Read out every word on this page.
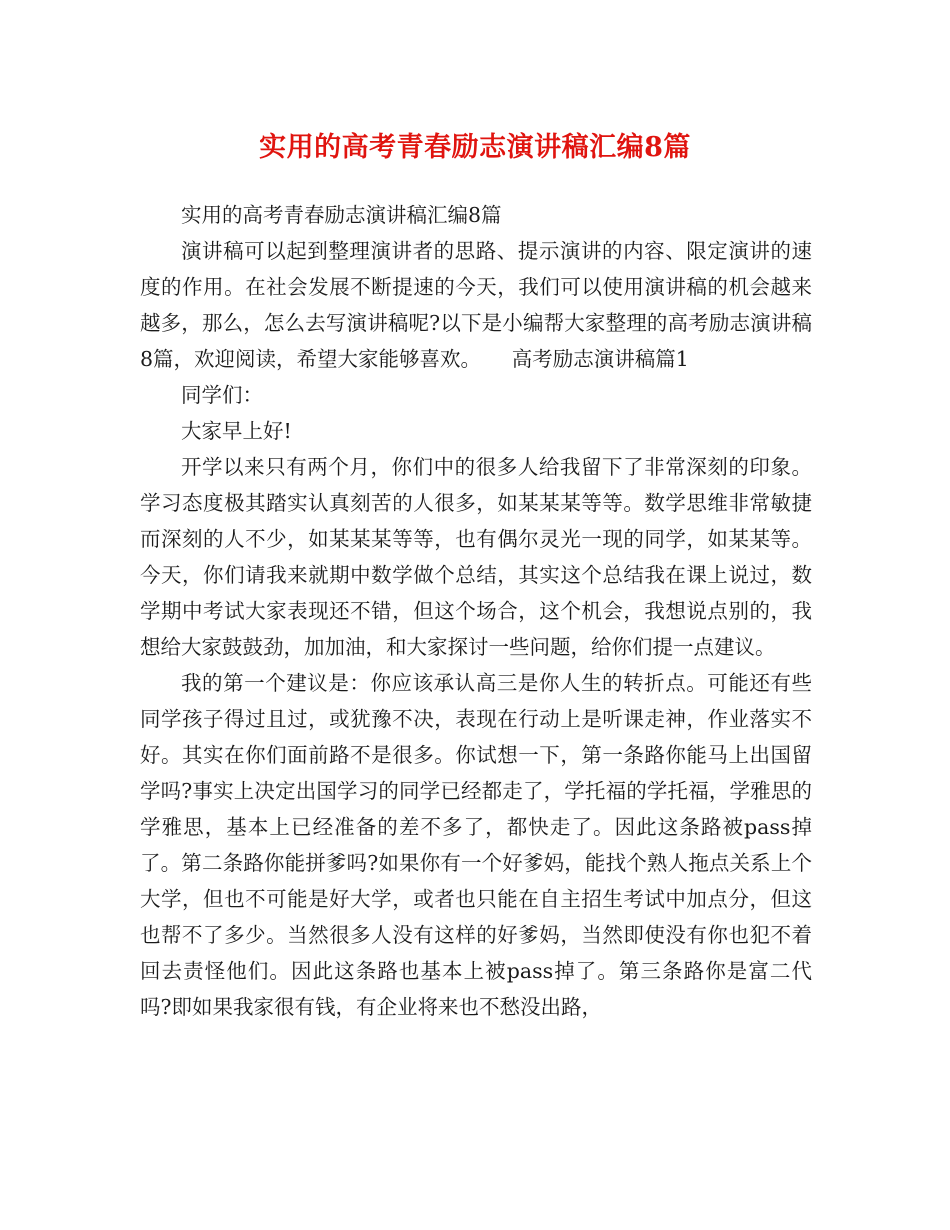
实用的高考青春励志演讲稿汇编8篇

实用的高考青春励志演讲稿汇编8篇

演讲稿可以起到整理演讲者的思路、提示演讲的内容、限定演讲的速度的作用。在社会发展不断提速的今天，我们可以使用演讲稿的机会越来越多，那么，怎么去写演讲稿呢?以下是小编帮大家整理的高考励志演讲稿8篇，欢迎阅读，希望大家能够喜欢。　　高考励志演讲稿篇1

同学们：

大家早上好!

开学以来只有两个月，你们中的很多人给我留下了非常深刻的印象。学习态度极其踏实认真刻苦的人很多，如某某某等等。数学思维非常敏捷而深刻的人不少，如某某某等等，也有偶尔灵光一现的同学，如某某等。今天，你们请我来就期中数学做个总结，其实这个总结我在课上说过，数学期中考试大家表现还不错，但这个场合，这个机会，我想说点别的，我想给大家鼓鼓劲，加加油，和大家探讨一些问题，给你们提一点建议。

我的第一个建议是：你应该承认高三是你人生的转折点。可能还有些同学孩子得过且过，或犹豫不决，表现在行动上是听课走神，作业落实不好。其实在你们面前路不是很多。你试想一下，第一条路你能马上出国留学吗?事实上决定出国学习的同学已经都走了，学托福的学托福，学雅思的学雅思，基本上已经准备的差不多了，都快走了。因此这条路被pass掉了。第二条路你能拼爹吗?如果你有一个好爹妈，能找个熟人拖点关系上个大学，但也不可能是好大学，或者也只能在自主招生考试中加点分，但这也帮不了多少。当然很多人没有这样的好爹妈，当然即使没有你也犯不着回去责怪他们。因此这条路也基本上被pass掉了。第三条路你是富二代吗?即如果我家很有钱，有企业将来也不愁没出路，
